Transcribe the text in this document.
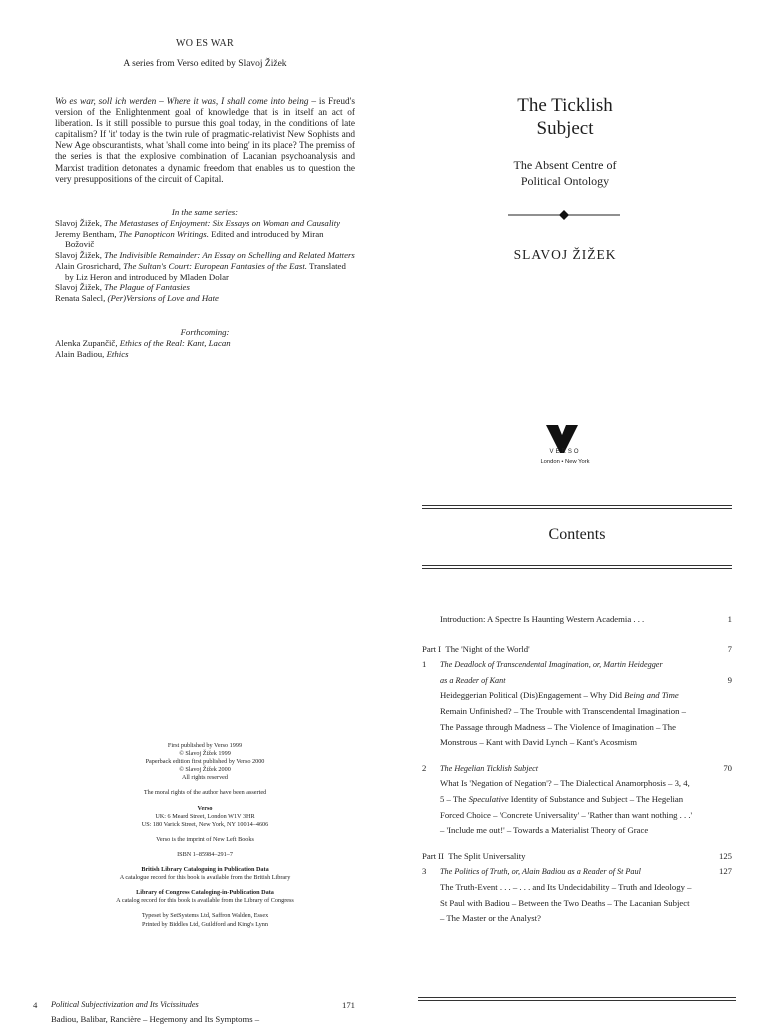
WO ES WAR
A series from Verso edited by Slavoj Žižek
Wo es war, soll ich werden – Where it was, I shall come into being – is Freud's version of the Enlightenment goal of knowledge that is in itself an act of liberation. Is it still possible to pursue this goal today, in the conditions of late capitalism? If 'it' today is the twin rule of pragmatic-relativist New Sophists and New Age obscurantists, what 'shall come into being' in its place? The premiss of the series is that the explosive combination of Lacanian psychoanalysis and Marxist tradition detonates a dynamic freedom that enables us to question the very presuppositions of the circuit of Capital.
In the same series:
Slavoj Žižek, The Metastases of Enjoyment: Six Essays on Woman and Causality
Jeremy Bentham, The Panopticon Writings. Edited and introduced by Miran Božovič
Slavoj Žižek, The Indivisible Remainder: An Essay on Schelling and Related Matters
Alain Grosrichard, The Sultan's Court: European Fantasies of the East. Translated by Liz Heron and introduced by Mladen Dolar
Slavoj Žižek, The Plague of Fantasies
Renata Salecl, (Per)Versions of Love and Hate
Forthcoming:
Alenka Zupančič, Ethics of the Real: Kant, Lacan
Alain Badiou, Ethics
The Ticklish
Subject
The Absent Centre of
Political Ontology
SLAVOJ ŽIŽEK
VERSO
London • New York
First published by Verso 1999
© Slavoj Žižek 1999
Paperback edition first published by Verso 2000
© Slavoj Žižek 2000
All rights reserved
The moral rights of the author have been asserted
Verso
UK: 6 Meard Street, London W1V 3HR
US: 180 Varick Street, New York, NY 10014–4606
Verso is the imprint of New Left Books
ISBN 1–85984–291–7
British Library Cataloguing in Publication Data
A catalogue record for this book is available from the British Library
Library of Congress Cataloging-in-Publication Data
A catalog record for this book is available from the Library of Congress
Typeset by SetSystems Ltd, Saffron Walden, Essex
Printed by Biddles Ltd, Guildford and King's Lynn
Contents
Introduction: A Spectre Is Haunting Western Academia . . .	1
Part I
The 'Night of the World'	7
1	The Deadlock of Transcendental Imagination, or, Martin Heidegger
as a Reader of Kant	9
Heideggerian Political (Dis)Engagement – Why Did Being and Time Remain Unfinished? – The Trouble with Transcendental Imagination – The Passage through Madness – The Violence of Imagination – The Monstrous – Kant with David Lynch – Kant's Acosmism
2	The Hegelian Ticklish Subject	70
What Is 'Negation of Negation'? – The Dialectical Anamorphosis – 3, 4, 5 – The Speculative Identity of Substance and Subject – The Hegelian Forced Choice – 'Concrete Universality' – 'Rather than want nothing . . .' – 'Include me out!' – Towards a Materialist Theory of Grace
Part II
The Split Universality	125
3	The Politics of Truth, or, Alain Badiou as a Reader of St Paul	127
The Truth-Event . . . – . . . and Its Undecidability – Truth and Ideology – St Paul with Badiou – Between the Two Deaths – The Lacanian Subject – The Master or the Analyst?
4	Political Subjectivization and Its Vicissitudes	171
Badiou, Balibar, Rancière – Hegemony and Its Symptoms –
